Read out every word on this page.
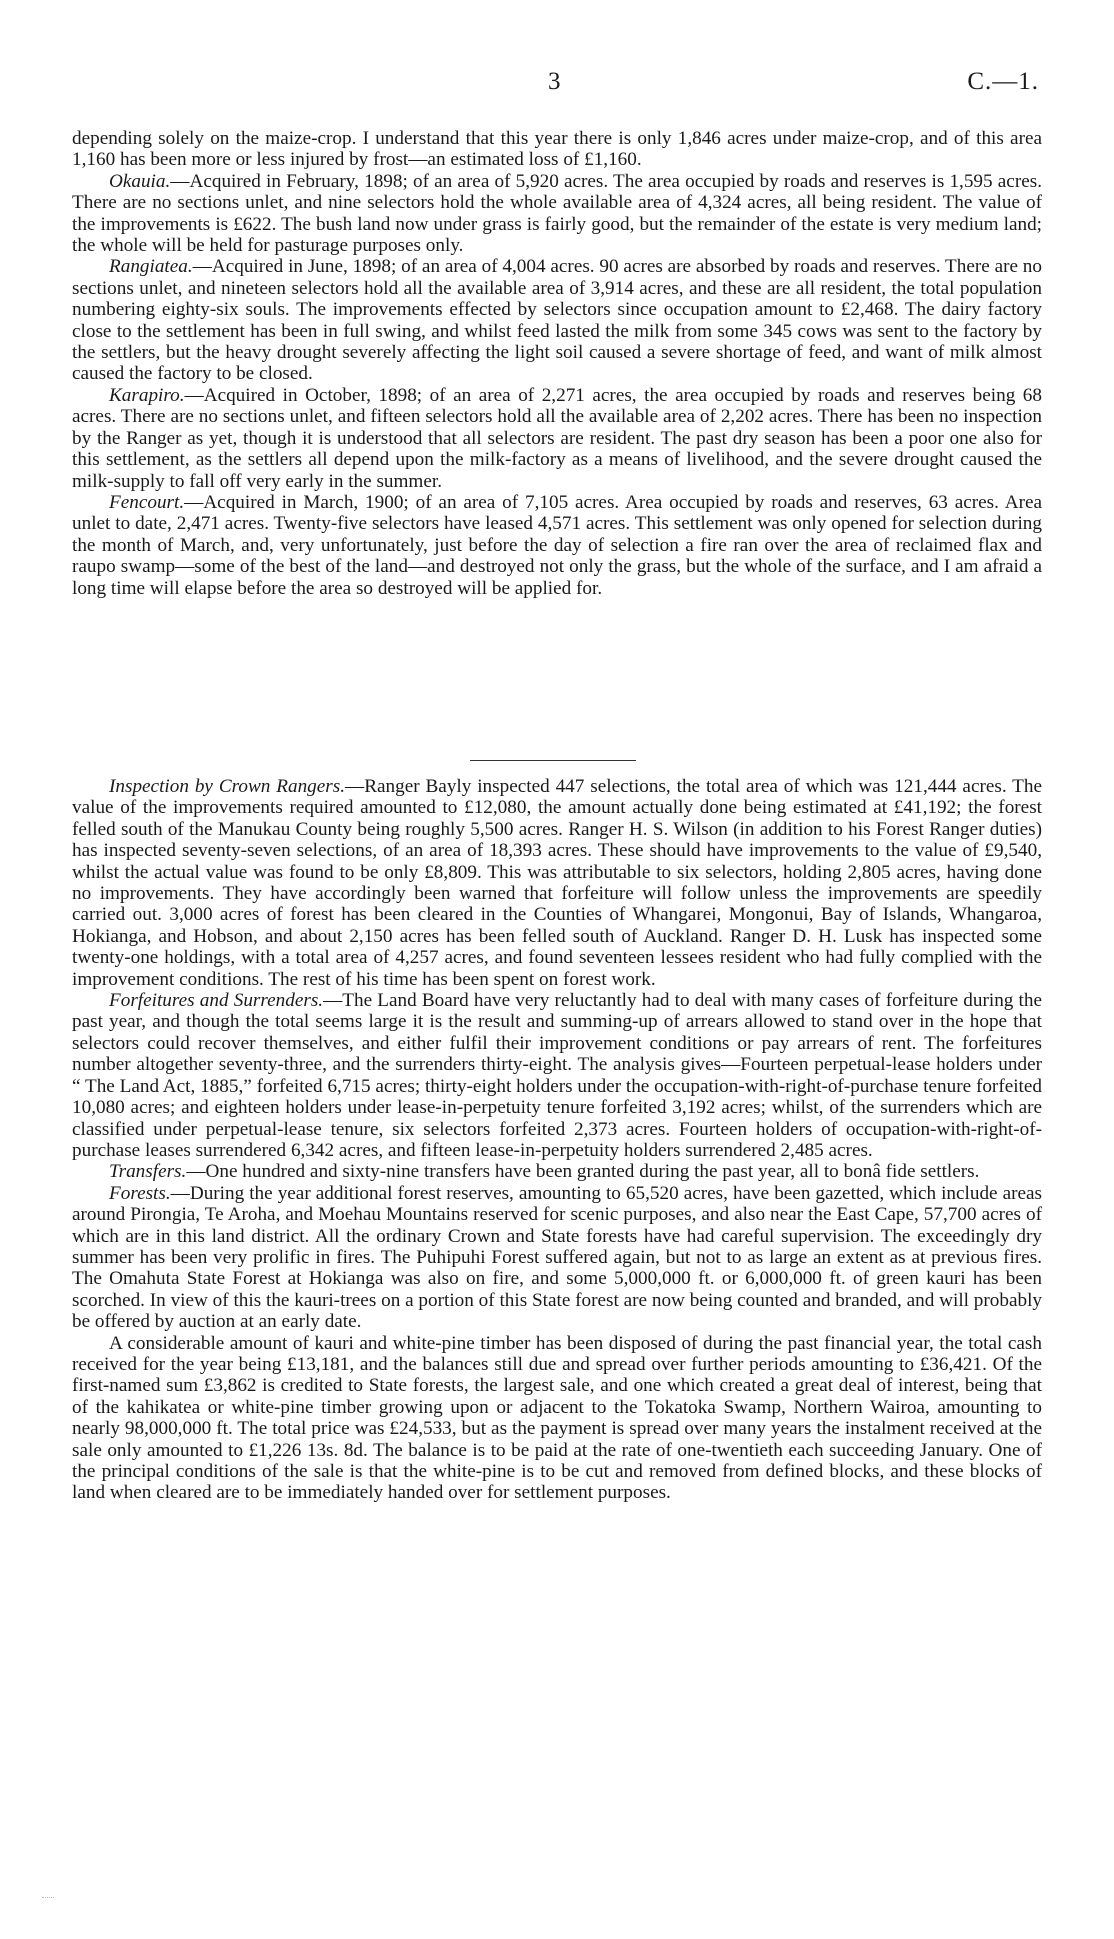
3	C.—1.

depending solely on the maize-crop. I understand that this year there is only 1,846 acres under maize-crop, and of this area 1,160 has been more or less injured by frost—an estimated loss of £1,160.

Okauia.—Acquired in February, 1898; of an area of 5,920 acres. The area occupied by roads and reserves is 1,595 acres. There are no sections unlet, and nine selectors hold the whole available area of 4,324 acres, all being resident. The value of the improvements is £622. The bush land now under grass is fairly good, but the remainder of the estate is very medium land; the whole will be held for pasturage purposes only.

Rangiatea.—Acquired in June, 1898; of an area of 4,004 acres. 90 acres are absorbed by roads and reserves. There are no sections unlet, and nineteen selectors hold all the available area of 3,914 acres, and these are all resident, the total population numbering eighty-six souls. The improvements effected by selectors since occupation amount to £2,468. The dairy factory close to the settlement has been in full swing, and whilst feed lasted the milk from some 345 cows was sent to the factory by the settlers, but the heavy drought severely affecting the light soil caused a severe shortage of feed, and want of milk almost caused the factory to be closed.

Karapiro.—Acquired in October, 1898; of an area of 2,271 acres, the area occupied by roads and reserves being 68 acres. There are no sections unlet, and fifteen selectors hold all the available area of 2,202 acres. There has been no inspection by the Ranger as yet, though it is understood that all selectors are resident. The past dry season has been a poor one also for this settlement, as the settlers all depend upon the milk-factory as a means of livelihood, and the severe drought caused the milk-supply to fall off very early in the summer.

Fencourt.—Acquired in March, 1900; of an area of 7,105 acres. Area occupied by roads and reserves, 63 acres. Area unlet to date, 2,471 acres. Twenty-five selectors have leased 4,571 acres. This settlement was only opened for selection during the month of March, and, very unfortunately, just before the day of selection a fire ran over the area of reclaimed flax and raupo swamp—some of the best of the land—and destroyed not only the grass, but the whole of the surface, and I am afraid a long time will elapse before the area so destroyed will be applied for.

Inspection by Crown Rangers.—Ranger Bayly inspected 447 selections, the total area of which was 121,444 acres. The value of the improvements required amounted to £12,080, the amount actually done being estimated at £41,192; the forest felled south of the Manukau County being roughly 5,500 acres. Ranger H. S. Wilson (in addition to his Forest Ranger duties) has inspected seventy-seven selections, of an area of 18,393 acres. These should have improvements to the value of £9,540, whilst the actual value was found to be only £8,809. This was attributable to six selectors, holding 2,805 acres, having done no improvements. They have accordingly been warned that forfeiture will follow unless the improvements are speedily carried out. 3,000 acres of forest has been cleared in the Counties of Whangarei, Mongonui, Bay of Islands, Whangaroa, Hokianga, and Hobson, and about 2,150 acres has been felled south of Auckland. Ranger D. H. Lusk has inspected some twenty-one holdings, with a total area of 4,257 acres, and found seventeen lessees resident who had fully complied with the improvement conditions. The rest of his time has been spent on forest work.

Forfeitures and Surrenders.—The Land Board have very reluctantly had to deal with many cases of forfeiture during the past year, and though the total seems large it is the result and summing-up of arrears allowed to stand over in the hope that selectors could recover themselves, and either fulfil their improvement conditions or pay arrears of rent. The forfeitures number altogether seventy-three, and the surrenders thirty-eight. The analysis gives—Fourteen perpetual-lease holders under “ The Land Act, 1885,” forfeited 6,715 acres; thirty-eight holders under the occupation-with-right-of-purchase tenure forfeited 10,080 acres; and eighteen holders under lease-in-perpetuity tenure forfeited 3,192 acres; whilst, of the surrenders which are classified under perpetual-lease tenure, six selectors forfeited 2,373 acres. Fourteen holders of occupation-with-right-of-purchase leases surrendered 6,342 acres, and fifteen lease-in-perpetuity holders surrendered 2,485 acres.

Transfers.—One hundred and sixty-nine transfers have been granted during the past year, all to bonâ fide settlers.

Forests.—During the year additional forest reserves, amounting to 65,520 acres, have been gazetted, which include areas around Pirongia, Te Aroha, and Moehau Mountains reserved for scenic purposes, and also near the East Cape, 57,700 acres of which are in this land district. All the ordinary Crown and State forests have had careful supervision. The exceedingly dry summer has been very prolific in fires. The Puhipuhi Forest suffered again, but not to as large an extent as at previous fires. The Omahuta State Forest at Hokianga was also on fire, and some 5,000,000 ft. or 6,000,000 ft. of green kauri has been scorched. In view of this the kauri-trees on a portion of this State forest are now being counted and branded, and will probably be offered by auction at an early date.

A considerable amount of kauri and white-pine timber has been disposed of during the past financial year, the total cash received for the year being £13,181, and the balances still due and spread over further periods amounting to £36,421. Of the first-named sum £3,862 is credited to State forests, the largest sale, and one which created a great deal of interest, being that of the kahikatea or white-pine timber growing upon or adjacent to the Tokatoka Swamp, Northern Wairoa, amounting to nearly 98,000,000 ft. The total price was £24,533, but as the payment is spread over many years the instalment received at the sale only amounted to £1,226 13s. 8d. The balance is to be paid at the rate of one-twentieth each succeeding January. One of the principal conditions of the sale is that the white-pine is to be cut and removed from defined blocks, and these blocks of land when cleared are to be immediately handed over for settlement purposes.
